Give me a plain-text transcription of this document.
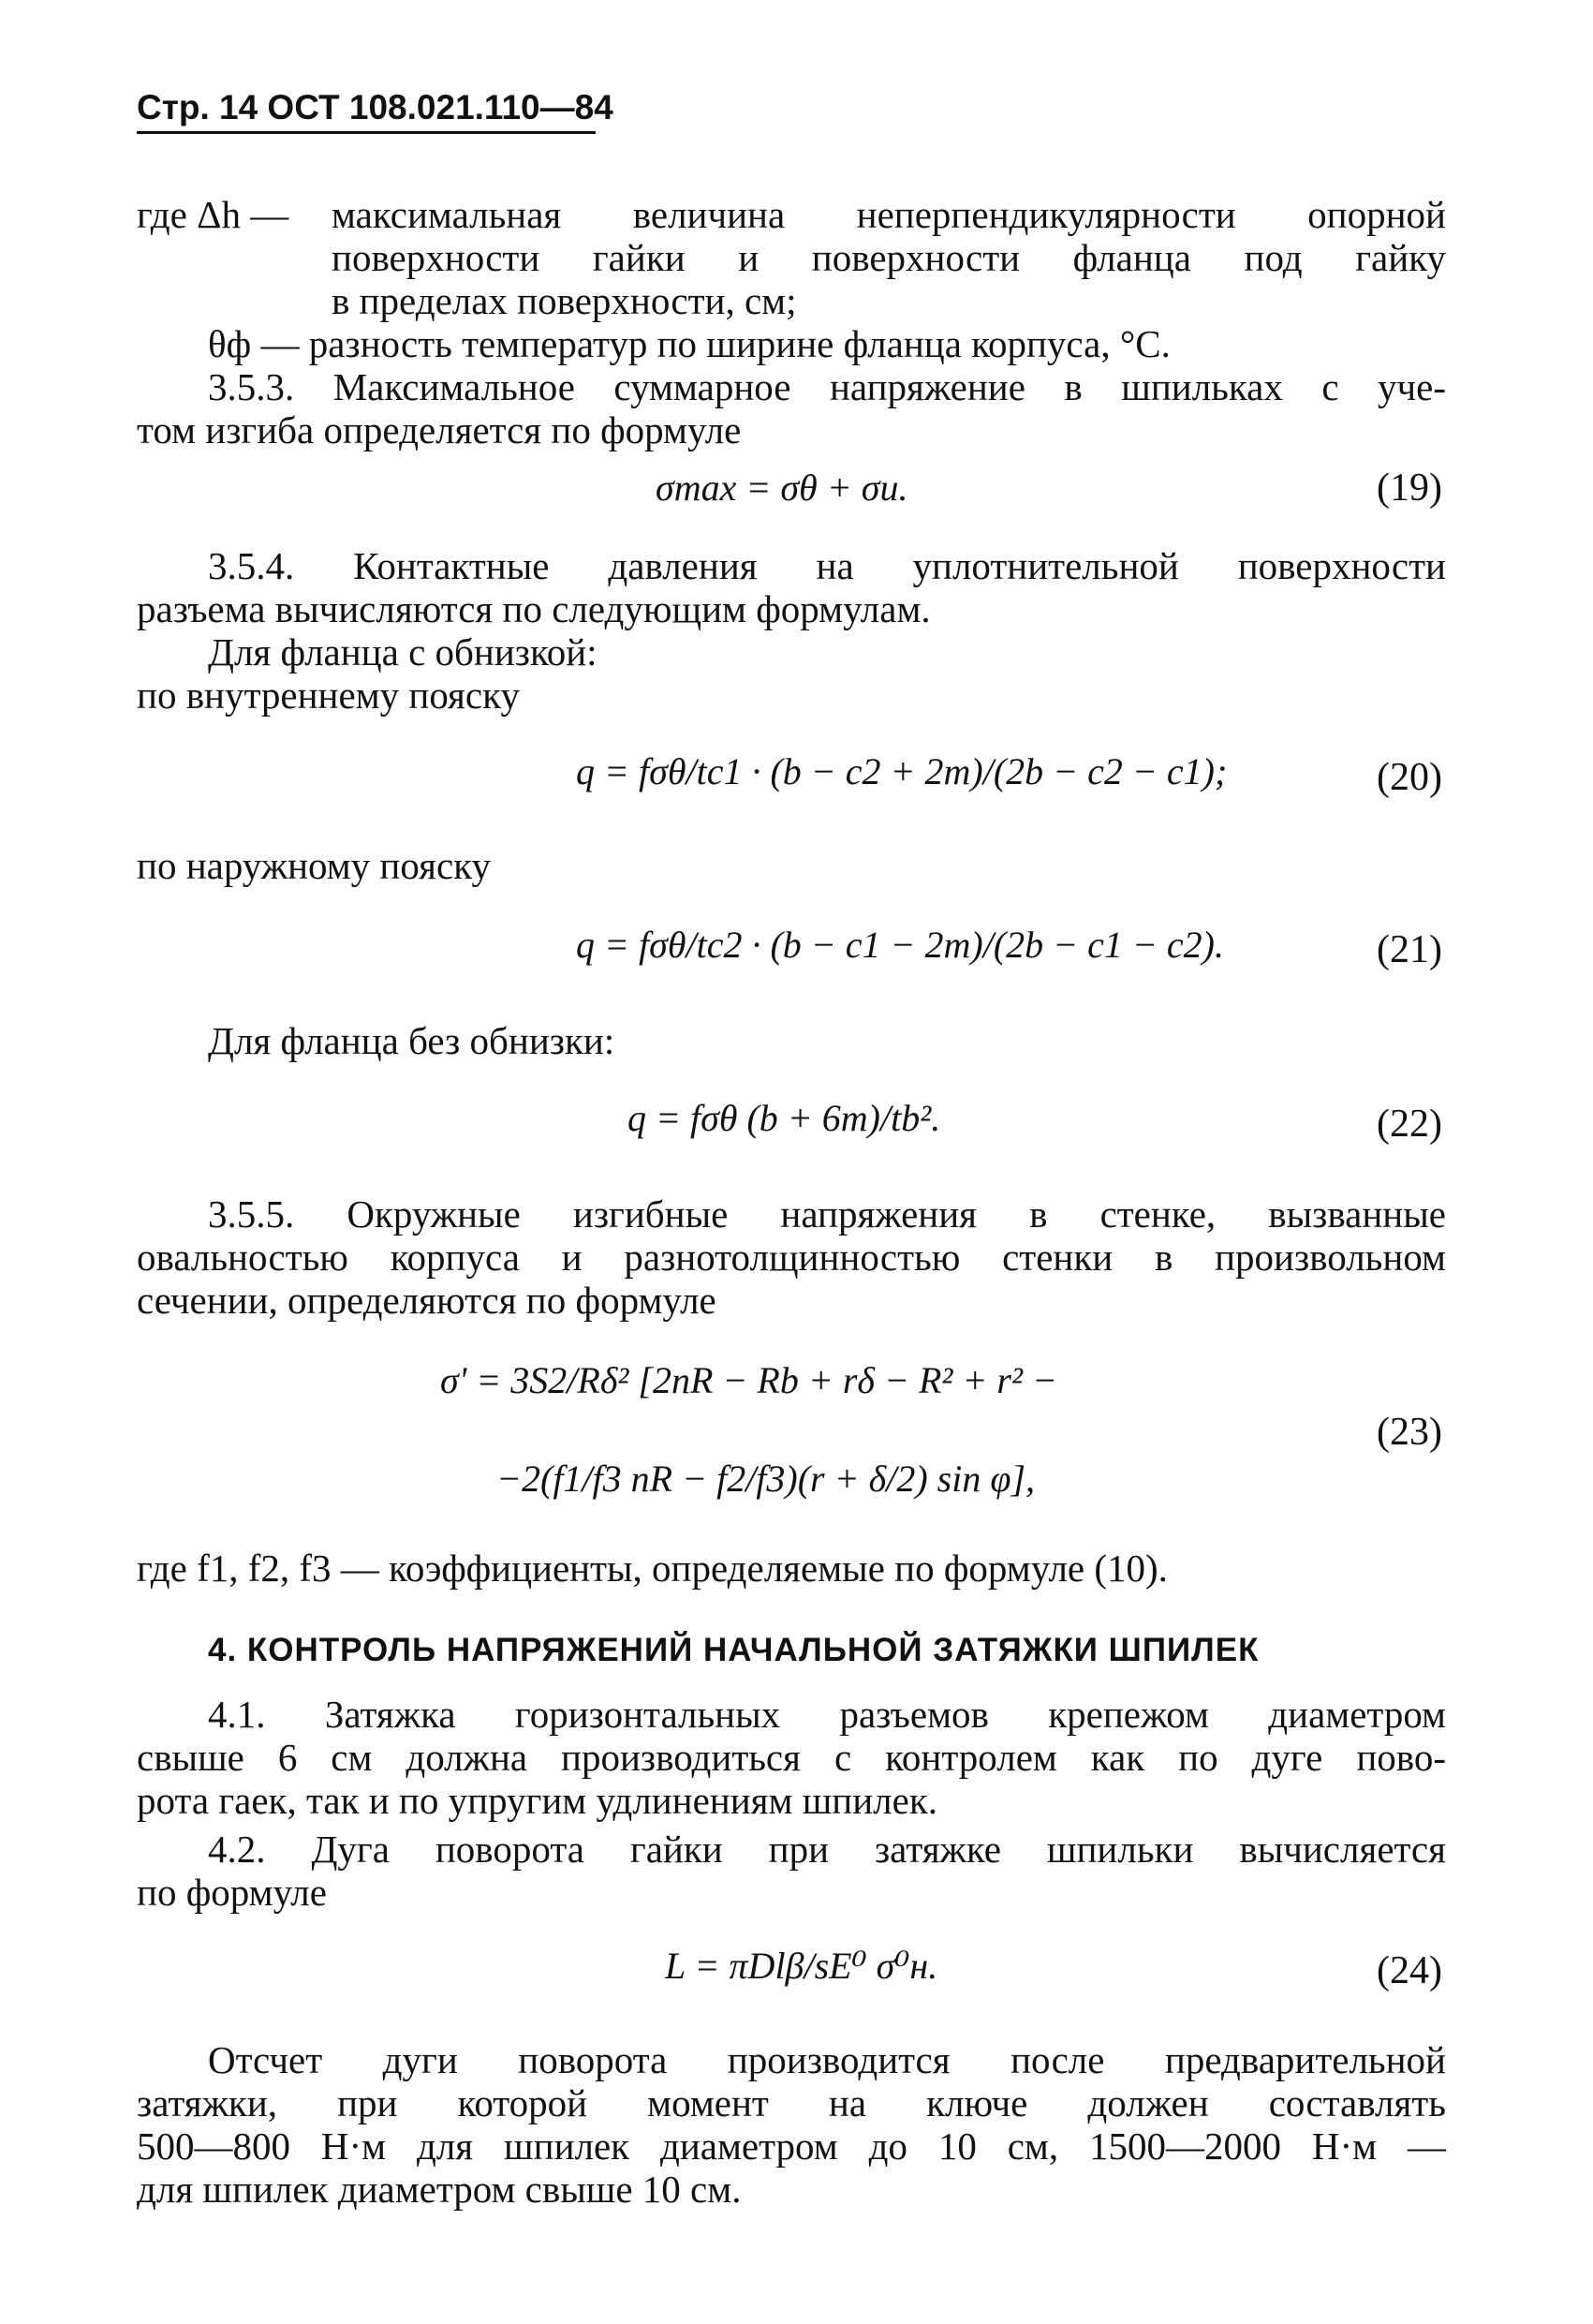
Стр. 14 ОСТ 108.021.110—84
где Δh — максимальная величина неперпендикулярности опорной
поверхности гайки и поверхности фланца под гайку
в пределах поверхности, см;
θф — разность температур по ширине фланца корпуса, °С.
3.5.3. Максимальное суммарное напряжение в шпильках с уче-
том изгиба определяется по формуле
σmax = σθ + σи.	(19)
3.5.4. Контактные давления на уплотнительной поверхности
разъема вычисляются по следующим формулам.
Для фланца с обнизкой:
по внутреннему пояску
q = fσθ/tc1 · (b − c2 + 2m)/(2b − c2 − c1);	(20)
по наружному пояску
q = fσθ/tc2 · (b − c1 − 2m)/(2b − c1 − c2).	(21)
Для фланца без обнизки:
q = fσθ (b + 6m)/tb².	(22)
3.5.5. Окружные изгибные напряжения в стенке, вызванные
овальностью корпуса и разнотолщинностью стенки в произвольном
сечении, определяются по формуле
σ' = 3S2/Rδ² [2nR − Rb + rδ − R² + r² −
−2(f1/f3 nR − f2/f3)(r + δ/2) sin φ],
(23)
где f1, f2, f3 — коэффициенты, определяемые по формуле (10).
4. КОНТРОЛЬ НАПРЯЖЕНИЙ НАЧАЛЬНОЙ ЗАТЯЖКИ ШПИЛЕК
4.1. Затяжка горизонтальных разъемов крепежом диаметром
свыше 6 см должна производиться с контролем как по дуге пово-
рота гаек, так и по упругим удлинениям шпилек.
4.2. Дуга поворота гайки при затяжке шпильки вычисляется
по формуле
L = πDlβ/sE⁰ σ⁰н.	(24)
Отсчет дуги поворота производится после предварительной
затяжки, при которой момент на ключе должен составлять
500—800 Н·м для шпилек диаметром до 10 см, 1500—2000 Н·м —
для шпилек диаметром свыше 10 см.
